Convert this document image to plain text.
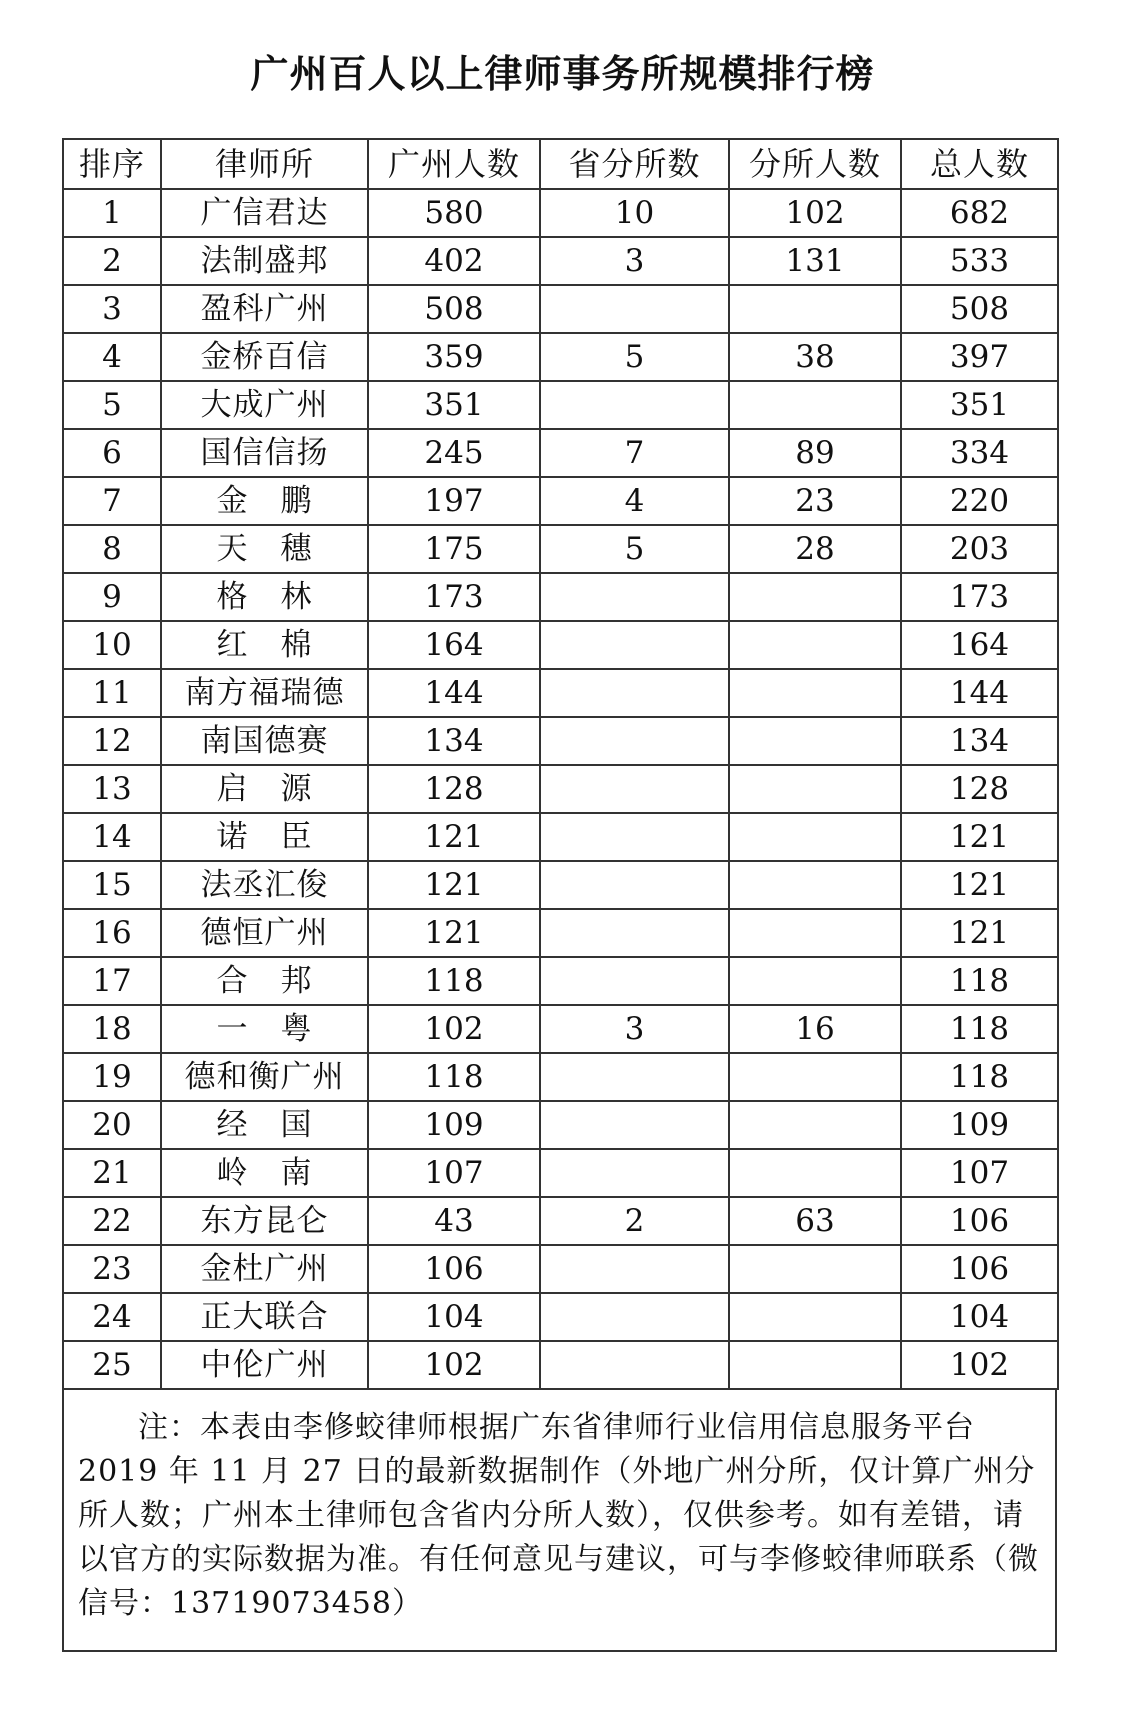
广州百人以上律师事务所规模排行榜
排序	律师所	广州人数	省分所数	分所人数	总人数
1	广信君达	580	10	102	682
2	法制盛邦	402	3	131	533
3	盈科广州	508			508
4	金桥百信	359	5	38	397
5	大成广州	351			351
6	国信信扬	245	7	89	334
7	金　鹏	197	4	23	220
8	天　穗	175	5	28	203
9	格　林	173			173
10	红　棉	164			164
11	南方福瑞德	144			144
12	南国德赛	134			134
13	启　源	128			128
14	诺　臣	121			121
15	法丞汇俊	121			121
16	德恒广州	121			121
17	合　邦	118			118
18	一　粤	102	3	16	118
19	德和衡广州	118			118
20	经　国	109			109
21	岭　南	107			107
22	东方昆仑	43	2	63	106
23	金杜广州	106			106
24	正大联合	104			104
25	中伦广州	102			102
注：本表由李修蛟律师根据广东省律师行业信用信息服务平台 2019 年 11 月 27 日的最新数据制作（外地广州分所，仅计算广州分所人数；广州本土律师包含省内分所人数），仅供参考。如有差错，请以官方的实际数据为准。有任何意见与建议，可与李修蛟律师联系（微信号：13719073458）
